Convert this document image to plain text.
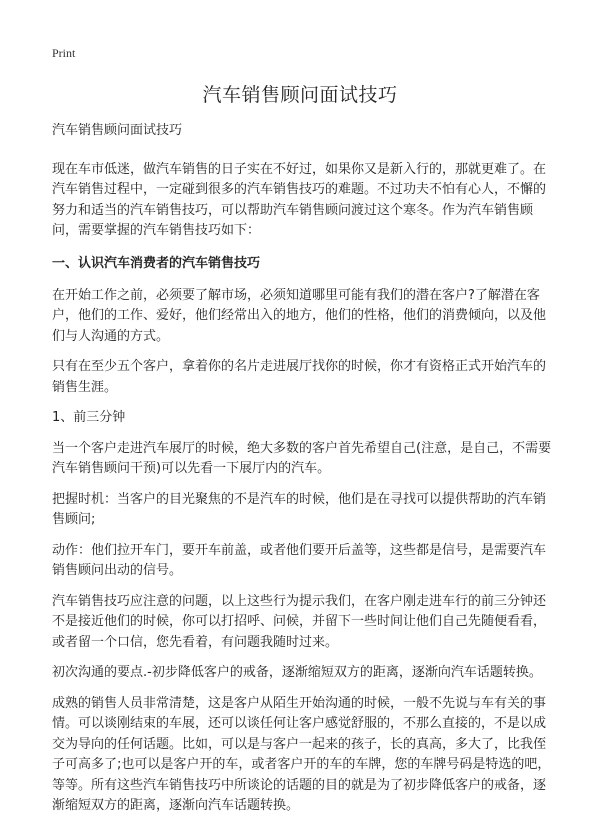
Print
汽车销售顾问面试技巧

汽车销售顾问面试技巧

现在车市低迷，做汽车销售的日子实在不好过，如果你又是新入行的，那就更难了。在汽车销售过程中，一定碰到很多的汽车销售技巧的难题。不过功夫不怕有心人，不懈的努力和适当的汽车销售技巧，可以帮助汽车销售顾问渡过这个寒冬。作为汽车销售顾问，需要掌握的汽车销售技巧如下：

一、认识汽车消费者的汽车销售技巧

在开始工作之前，必须要了解市场，必须知道哪里可能有我们的潜在客户?了解潜在客户，他们的工作、爱好，他们经常出入的地方，他们的性格，他们的消费倾向，以及他们与人沟通的方式。

只有在至少五个客户，拿着你的名片走进展厅找你的时候，你才有资格正式开始汽车的销售生涯。

1、前三分钟

当一个客户走进汽车展厅的时候，绝大多数的客户首先希望自己(注意，是自己，不需要汽车销售顾问干预)可以先看一下展厅内的汽车。

把握时机：当客户的目光聚焦的不是汽车的时候，他们是在寻找可以提供帮助的汽车销售顾问;

动作：他们拉开车门，要开车前盖，或者他们要开后盖等，这些都是信号，是需要汽车销售顾问出动的信号。

汽车销售技巧应注意的问题，以上这些行为提示我们，在客户刚走进车行的前三分钟还不是接近他们的时候，你可以打招呼、问候，并留下一些时间让他们自己先随便看看，或者留一个口信，您先看着，有问题我随时过来。

初次沟通的要点.-初步降低客户的戒备，逐渐缩短双方的距离，逐渐向汽车话题转换。

成熟的销售人员非常清楚，这是客户从陌生开始沟通的时候，一般不先说与车有关的事情。可以谈刚结束的车展，还可以谈任何让客户感觉舒服的，不那么直接的，不是以成交为导向的任何话题。比如，可以是与客户一起来的孩子，长的真高，多大了，比我侄子可高多了;也可以是客户开的车，或者客户开的车的车牌，您的车牌号码是特选的吧，等等。所有这些汽车销售技巧中所谈论的话题的目的就是为了初步降低客户的戒备，逐渐缩短双方的距离，逐渐向汽车话题转换。
